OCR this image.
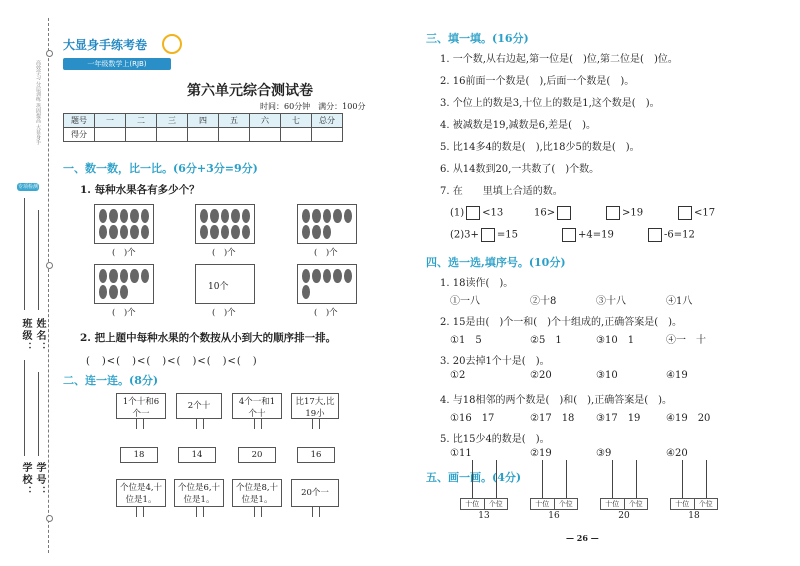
高效学习 分层训练 巩固提高 大显身手
专项检测
班级： 姓名：
学校： 学号：
大显身手练考卷
一年级数学上(RJB)
第六单元综合测试卷
时间：60分钟　满分：100分
题号	一	二	三	四	五	六	七	总分
得分								
一、数一数，比一比。(6分+3分=9分)
1. 每种水果各有多少个？
(　)个	(　)个	(　)个
10个
(　)个	(　)个	(　)个
2. 把上题中每种水果的个数按从小到大的顺序排一排。
(　)<(　)<(　)<(　)<(　)<(　)
二、连一连。(8分)
1个十和6个一
2个十	4个一和1个十
比17大,比19小
18	14	20	16
个位是4,十位是1。
个位是6,十位是1。
个位是8,十位是1。
20个一
三、填一填。(16分)
1. 一个数,从右边起,第一位是(　)位,第二位是(　)位。
2. 16前面一个数是(　),后面一个数是(　)。
3. 个位上的数是3,十位上的数是1,这个数是(　)。
4. 被减数是19,减数是6,差是(　)。
5. 比14多4的数是(　),比18少5的数是(　)。
6. 从14数到20,一共数了(　)个数。
7. 在　　里填上合适的数。
(1) <13	16>	>19	<17
(2)3+ =15	+4=19	-6=12
四、选一选,填序号。(10分)
1. 18读作(　)。
①一八	②十8	③十八	④1八
2. 15是由(　)个一和(　)个十组成的,正确答案是(　)。
①1　5	②5　1	③10　1	④一　十
3. 20去掉1个十是(　)。
①2	②20	③10	④19
4. 与18相邻的两个数是(　)和(　),正确答案是(　)。
①16　17	②17　18 ③17　19	④19　20
5. 比15少4的数是(　)。
①11	②19	③9	④20
五、画一画。(4分)
十位	个位
13
十位	个位
16
十位	个位
20
十位	个位
18
— 26 —
